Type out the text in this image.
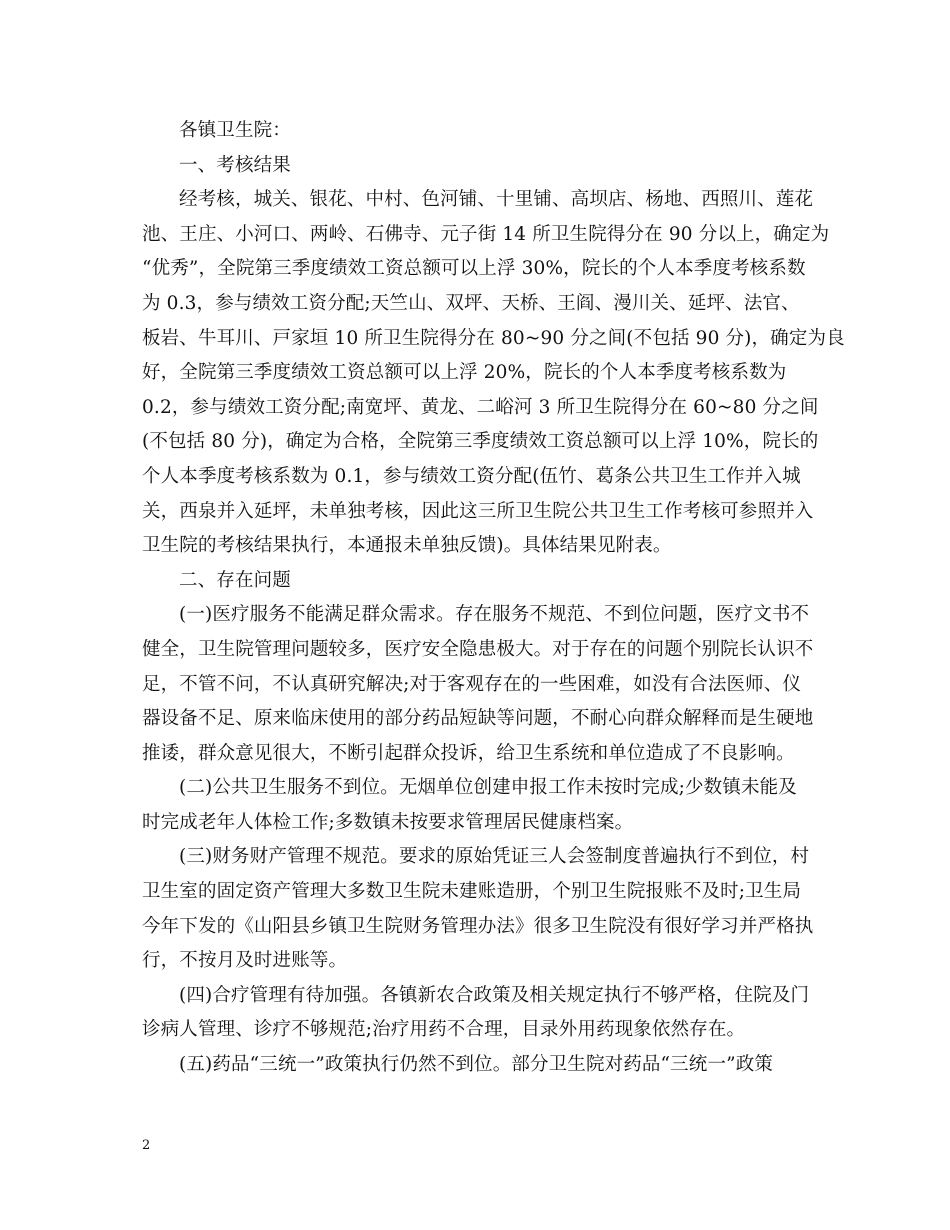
各镇卫生院：
一、考核结果
经考核，城关、银花、中村、色河铺、十里铺、高坝店、杨地、西照川、莲花
池、王庄、小河口、两岭、石佛寺、元子街 14 所卫生院得分在 90 分以上，确定为
“优秀”，全院第三季度绩效工资总额可以上浮 30%，院长的个人本季度考核系数
为 0.3，参与绩效工资分配;天竺山、双坪、天桥、王阎、漫川关、延坪、法官、
板岩、牛耳川、戸家垣 10 所卫生院得分在 80~90 分之间(不包括 90 分)，确定为良
好，全院第三季度绩效工资总额可以上浮 20%，院长的个人本季度考核系数为
0.2，参与绩效工资分配;南宽坪、黄龙、二峪河 3 所卫生院得分在 60~80 分之间
(不包括 80 分)，确定为合格，全院第三季度绩效工资总额可以上浮 10%，院长的
个人本季度考核系数为 0.1，参与绩效工资分配(伍竹、葛条公共卫生工作并入城
关，西泉并入延坪，未单独考核，因此这三所卫生院公共卫生工作考核可参照并入
卫生院的考核结果执行，本通报未单独反馈)。具体结果见附表。
二、存在问题
(一)医疗服务不能满足群众需求。存在服务不规范、不到位问题，医疗文书不
健全，卫生院管理问题较多，医疗安全隐患极大。对于存在的问题个别院长认识不
足，不管不问，不认真研究解决;对于客观存在的一些困难，如没有合法医师、仪
器设备不足、原来临床使用的部分药品短缺等问题，不耐心向群众解释而是生硬地
推诿，群众意见很大，不断引起群众投诉，给卫生系统和单位造成了不良影响。
(二)公共卫生服务不到位。无烟单位创建申报工作未按时完成;少数镇未能及
时完成老年人体检工作;多数镇未按要求管理居民健康档案。
(三)财务财产管理不规范。要求的原始凭证三人会签制度普遍执行不到位，村
卫生室的固定资产管理大多数卫生院未建账造册，个别卫生院报账不及时;卫生局
今年下发的《山阳县乡镇卫生院财务管理办法》很多卫生院没有很好学习并严格执
行，不按月及时进账等。
(四)合疗管理有待加强。各镇新农合政策及相关规定执行不够严格，住院及门
诊病人管理、诊疗不够规范;治疗用药不合理，目录外用药现象依然存在。
(五)药品“三统一”政策执行仍然不到位。部分卫生院对药品“三统一”政策
2
